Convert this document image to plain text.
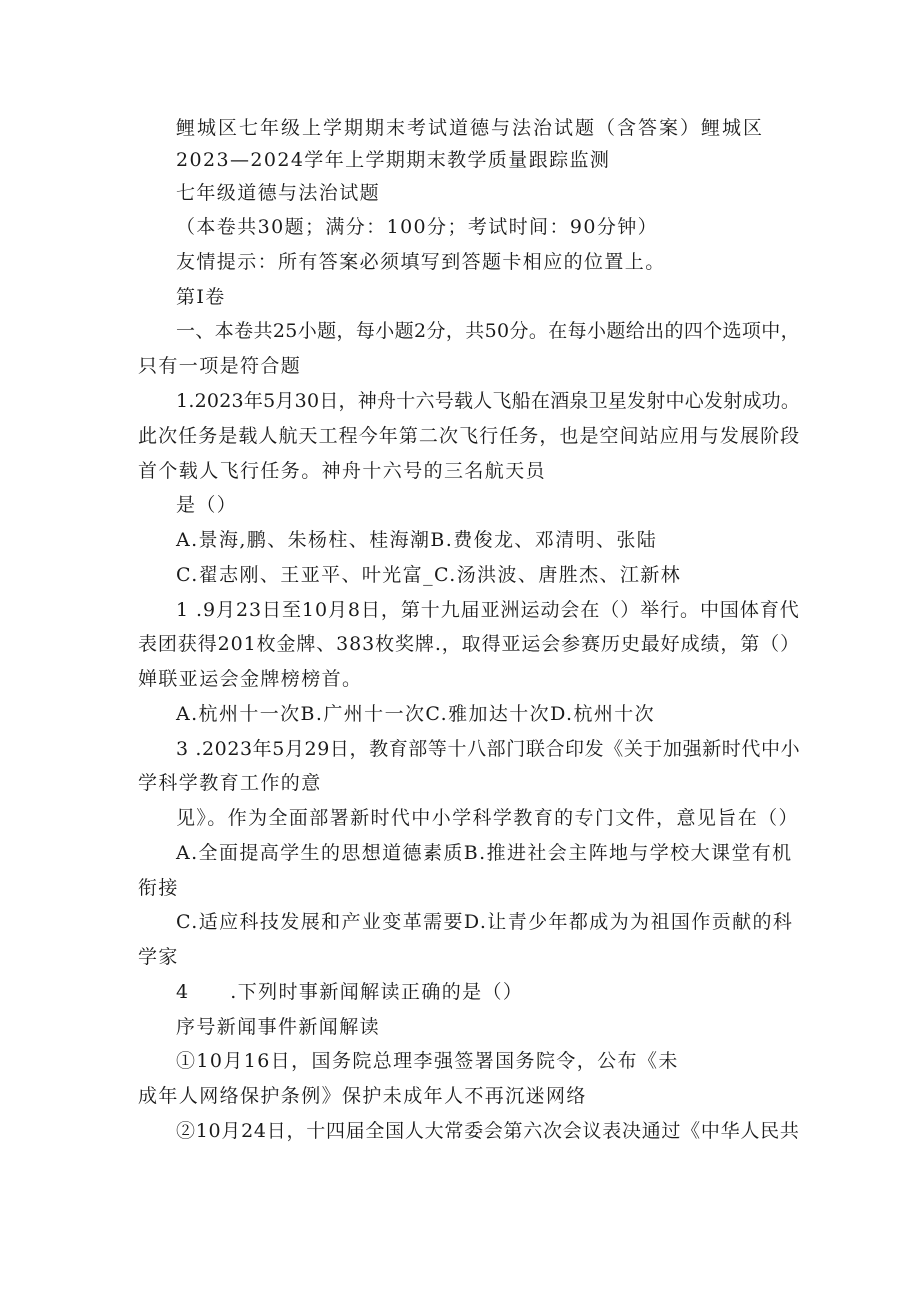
鲤城区七年级上学期期末考试道德与法治试题（含答案）鲤城区
2023—2024学年上学期期末教学质量跟踪监测
七年级道德与法治试题
（本卷共30题；满分：100分；考试时间：90分钟）
友情提示：所有答案必须填写到答题卡相应的位置上。
第I卷
一、本卷共25小题，每小题2分，共50分。在每小题给出的四个选项中，
只有一项是符合题
1.2023年5月30日，神舟十六号载人飞船在酒泉卫星发射中心发射成功。
此次任务是载人航天工程今年第二次飞行任务，也是空间站应用与发展阶段
首个载人飞行任务。神舟十六号的三名航天员
是（）
A.景海,鹏、朱杨柱、桂海潮B.费俊龙、邓清明、张陆
C.翟志刚、王亚平、叶光富_C.汤洪波、唐胜杰、江新林
1 .9月23日至10月8日，第十九届亚洲运动会在（）举行。中国体育代
表团获得201枚金牌、383枚奖牌.，取得亚运会参赛历史最好成绩，第（）
婵联亚运会金牌榜榜首。
A.杭州十一次B.广州十一次C.雅加达十次D.杭州十次
3 .2023年5月29日，教育部等十八部门联合印发《关于加强新时代中小
学科学教育工作的意
见》。作为全面部署新时代中小学科学教育的专门文件，意见旨在（）
A.全面提高学生的思想道德素质B.推进社会主阵地与学校大课堂有机
衔接
C.适应科技发展和产业变革需要D.让青少年都成为为祖国作贡献的科
学家
4　　.下列时事新闻解读正确的是（）
序号新闻事件新闻解读
①10月16日，国务院总理李强签署国务院令，公布《未
成年人网络保护条例》保护未成年人不再沉迷网络
②10月24日，十四届全国人大常委会第六次会议表决通过《中华人民共
